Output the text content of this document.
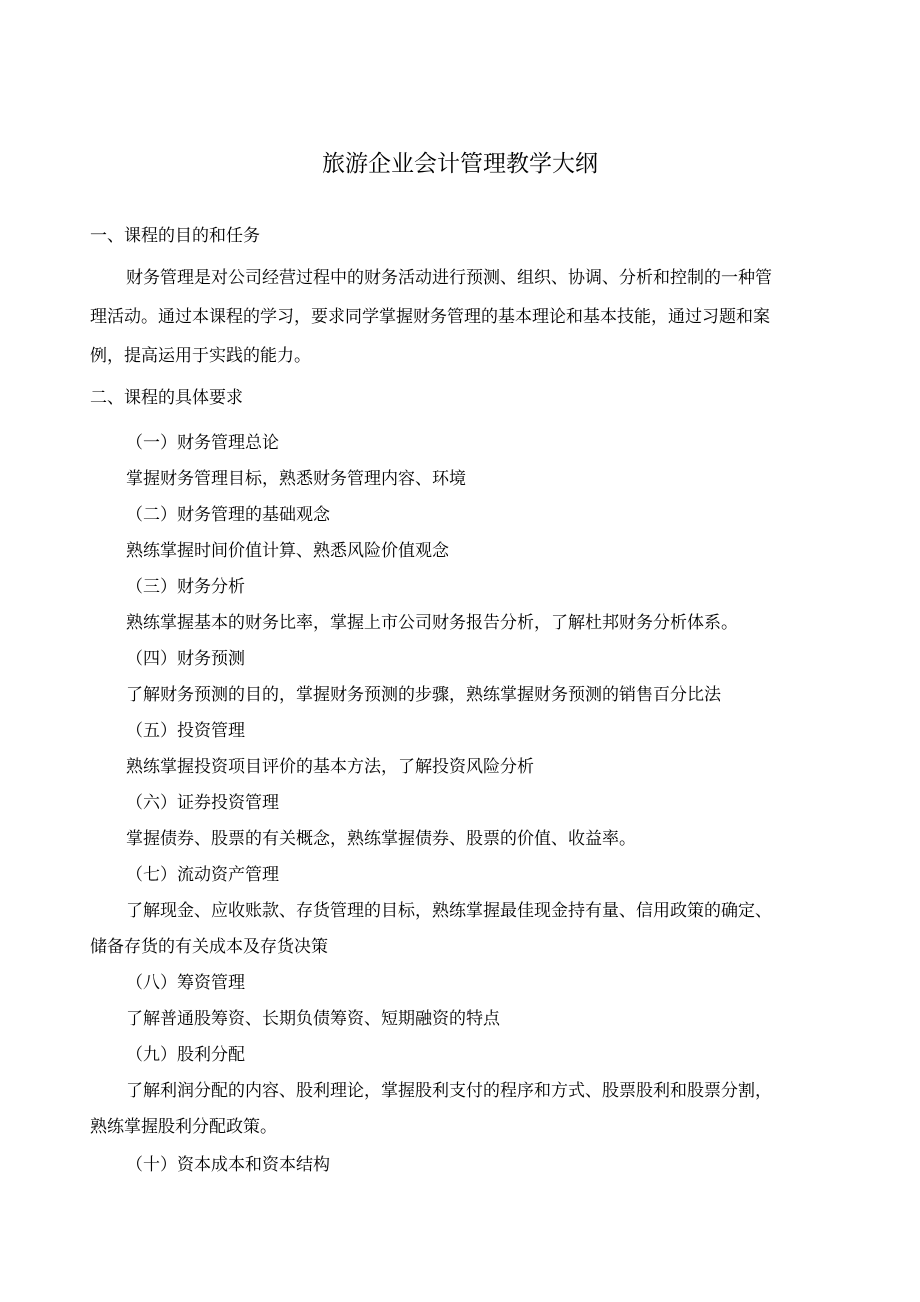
旅游企业会计管理教学大纲
一、课程的目的和任务
财务管理是对公司经营过程中的财务活动进行预测、组织、协调、分析和控制的一种管
理活动。通过本课程的学习，要求同学掌握财务管理的基本理论和基本技能，通过习题和案
例，提高运用于实践的能力。
二、课程的具体要求
（一）财务管理总论
掌握财务管理目标，熟悉财务管理内容、环境
（二）财务管理的基础观念
熟练掌握时间价值计算、熟悉风险价值观念
（三）财务分析
熟练掌握基本的财务比率，掌握上市公司财务报告分析，了解杜邦财务分析体系。
（四）财务预测
了解财务预测的目的，掌握财务预测的步骤，熟练掌握财务预测的销售百分比法
（五）投资管理
熟练掌握投资项目评价的基本方法，了解投资风险分析
（六）证券投资管理
掌握债券、股票的有关概念，熟练掌握债券、股票的价值、收益率。
（七）流动资产管理
了解现金、应收账款、存货管理的目标，熟练掌握最佳现金持有量、信用政策的确定、
储备存货的有关成本及存货决策
（八）筹资管理
了解普通股筹资、长期负债筹资、短期融资的特点
（九）股利分配
了解利润分配的内容、股利理论，掌握股利支付的程序和方式、股票股利和股票分割，
熟练掌握股利分配政策。
（十）资本成本和资本结构
